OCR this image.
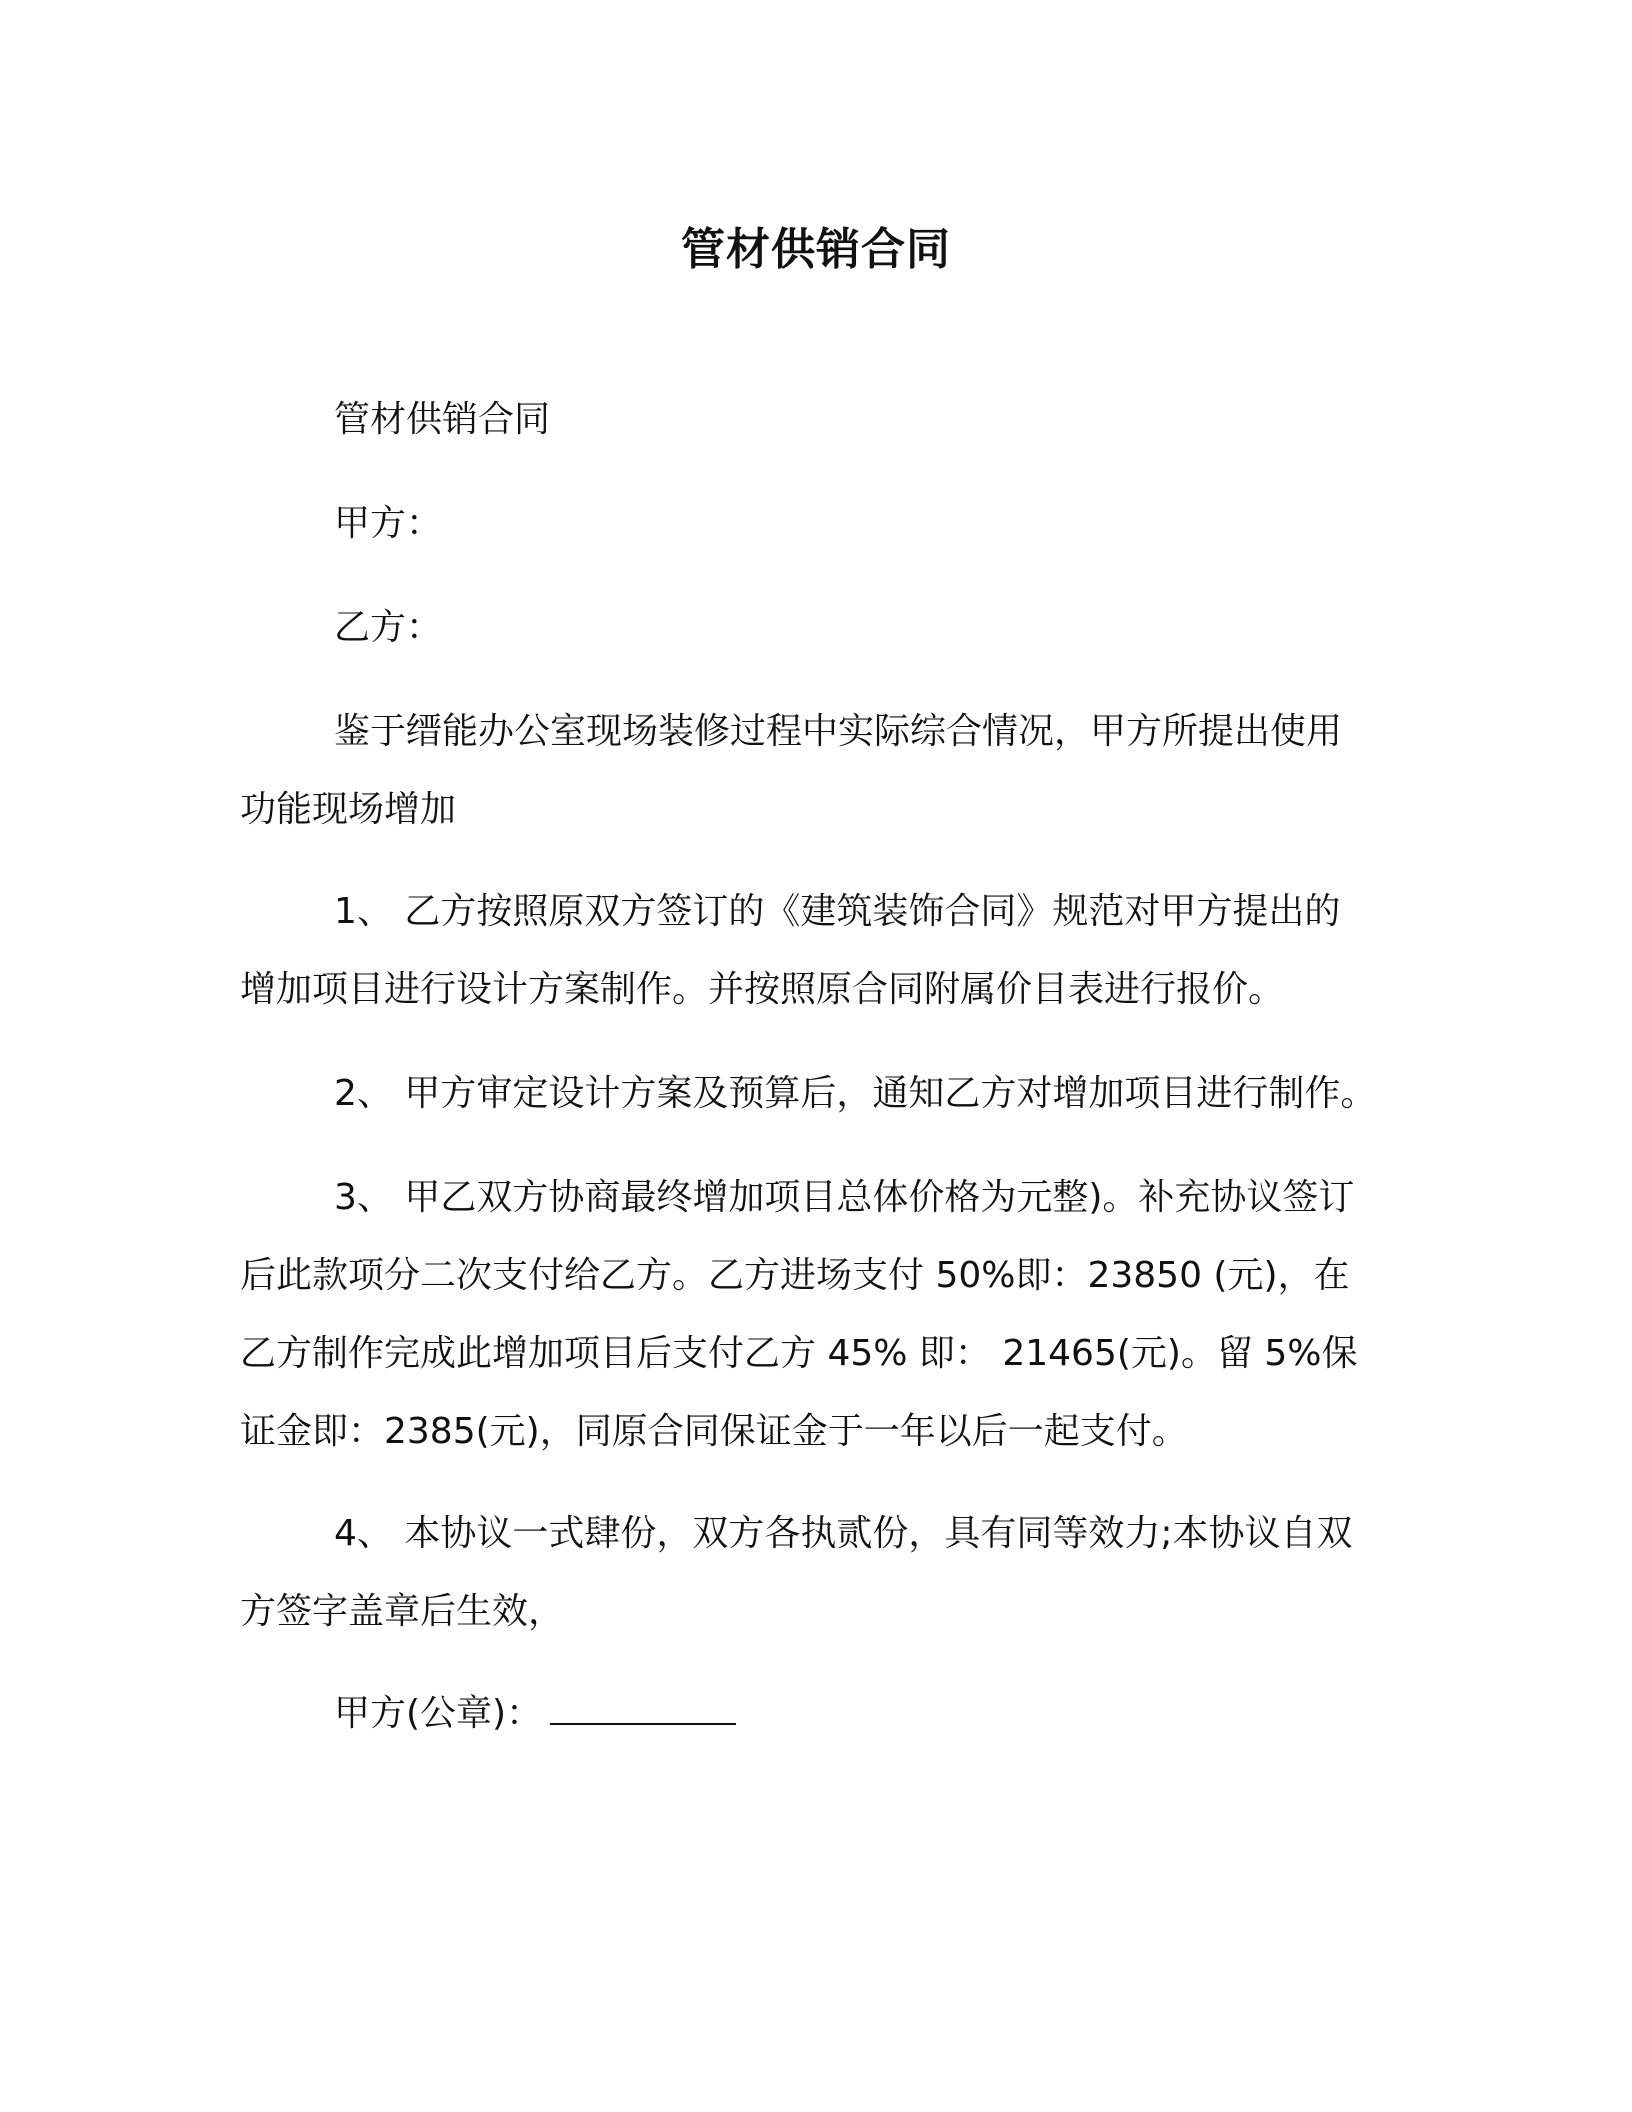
管材供销合同
管材供销合同
甲方：
乙方：
鉴于缙能办公室现场装修过程中实际综合情况，甲方所提出使用
功能现场增加
1、 乙方按照原双方签订的《建筑装饰合同》规范对甲方提出的
增加项目进行设计方案制作。并按照原合同附属价目表进行报价。
2、 甲方审定设计方案及预算后，通知乙方对增加项目进行制作。
3、 甲乙双方协商最终增加项目总体价格为元整)。补充协议签订
后此款项分二次支付给乙方。乙方进场支付 50%即：23850 (元)，在
乙方制作完成此增加项目后支付乙方 45% 即： 21465(元)。留 5%保
证金即：2385(元)，同原合同保证金于一年以后一起支付。
4、 本协议一式肆份，双方各执贰份，具有同等效力;本协议自双
方签字盖章后生效，
甲方(公章)：
